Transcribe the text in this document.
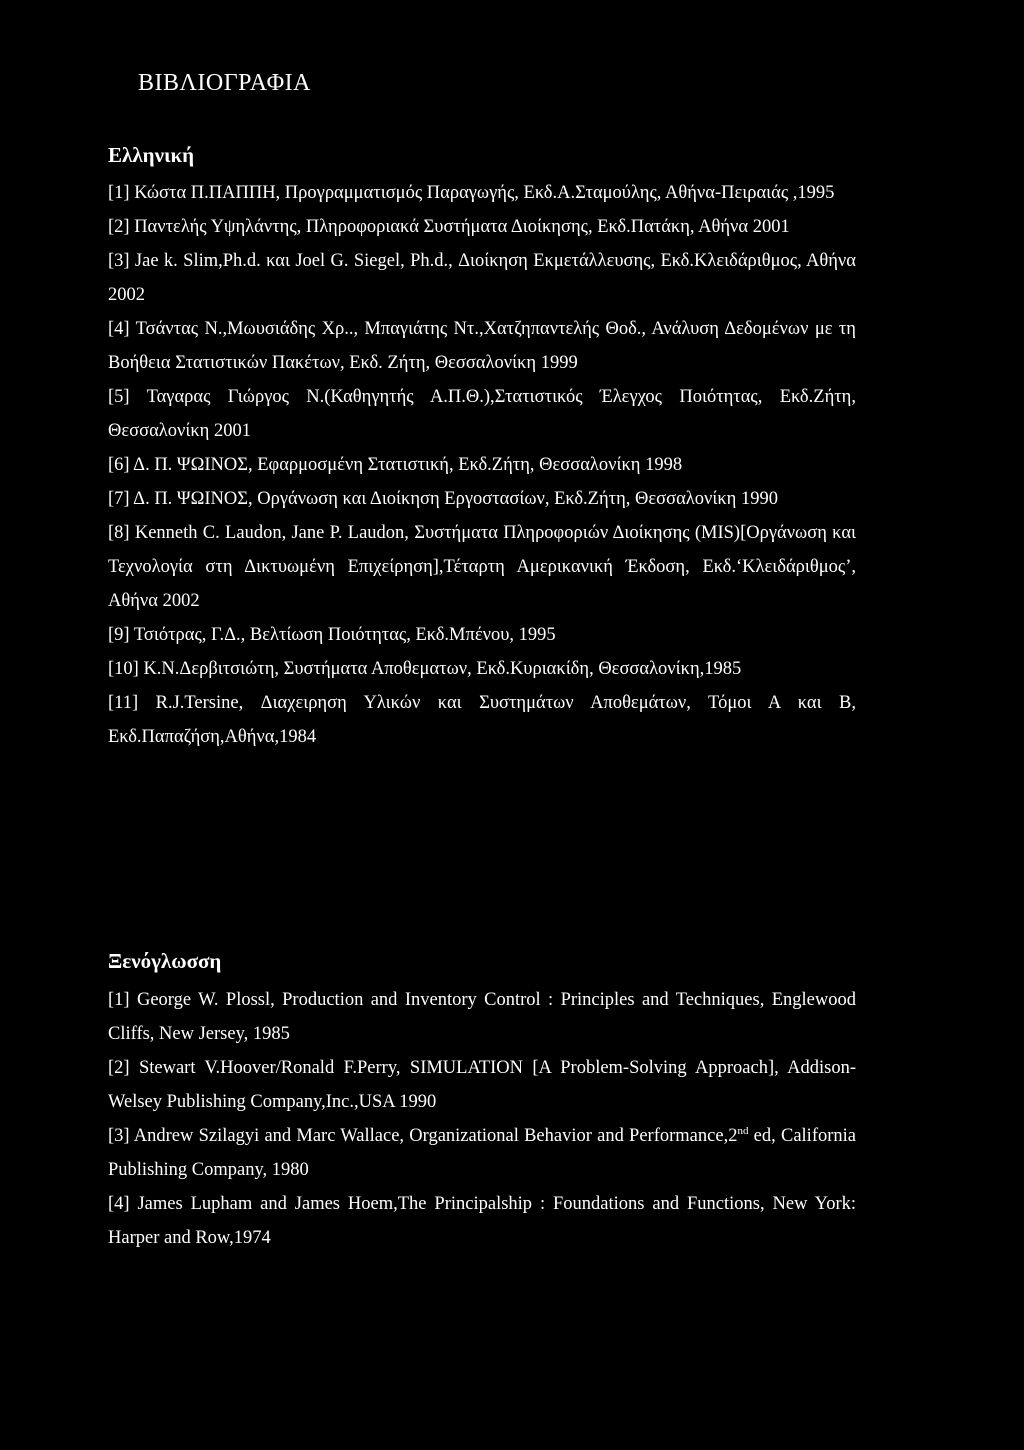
ΒΙΒΛΙΟΓΡΑΦΙΑ
Ελληνική
[1] Κώστα Π.ΠΑΠΠΗ, Προγραμματισμός Παραγωγής, Εκδ.Α.Σταμούλης, Αθήνα-Πειραιάς ,1995
[2] Παντελής Υψηλάντης, Πληροφοριακά Συστήματα Διοίκησης, Εκδ.Πατάκη, Αθήνα 2001
[3] Jae k. Slim,Ph.d. και Joel G. Siegel, Ph.d., Διοίκηση Εκμετάλλευσης, Εκδ.Κλειδάριθμος, Αθήνα 2002
[4] Τσάντας Ν.,Μωυσιάδης Χρ.., Μπαγιάτης Ντ.,Χατζηπαντελής Θοδ., Ανάλυση Δεδομένων με τη Βοήθεια Στατιστικών Πακέτων, Εκδ. Ζήτη, Θεσσαλονίκη 1999
[5] Ταγαρας Γιώργος Ν.(Καθηγητής Α.Π.Θ.),Στατιστικός Έλεγχος Ποιότητας, Εκδ.Ζήτη, Θεσσαλονίκη 2001
[6] Δ. Π. ΨΩΙΝΟΣ, Εφαρμοσμένη Στατιστική, Εκδ.Ζήτη, Θεσσαλονίκη 1998
[7] Δ. Π. ΨΩΙΝΟΣ, Οργάνωση και Διοίκηση Εργοστασίων, Εκδ.Ζήτη, Θεσσαλονίκη 1990
[8] Kenneth C. Laudon, Jane P. Laudon, Συστήματα Πληροφοριών Διοίκησης (MIS)[Οργάνωση και Τεχνολογία στη Δικτυωμένη Επιχείρηση],Τέταρτη Αμερικανική Έκδοση, Εκδ.‘Κλειδάριθμος’, Αθήνα 2002
[9] Τσιότρας, Γ.Δ., Βελτίωση Ποιότητας, Εκδ.Μπένου, 1995
[10] Κ.Ν.Δερβιτσιώτη, Συστήματα Αποθεματων, Εκδ.Κυριακίδη, Θεσσαλονίκη,1985
[11] R.J.Tersine, Διαχειρηση Υλικών και Συστημάτων Αποθεμάτων, Τόμοι Α και Β, Εκδ.Παπαζήση,Αθήνα,1984
Ξενόγλωσση
[1] George W. Plossl, Production and Inventory Control : Principles and Techniques, Englewood Cliffs, New Jersey, 1985
[2] Stewart V.Hoover/Ronald F.Perry, SIMULATION [A Problem-Solving Approach], Addison-Welsey Publishing Company,Inc.,USA 1990
[3] Andrew Szilagyi and Marc Wallace, Organizational Behavior and Performance,2nd ed, California Publishing Company, 1980
[4] James Lupham and James Hoem,The Principalship : Foundations and Functions, New York: Harper and Row,1974
